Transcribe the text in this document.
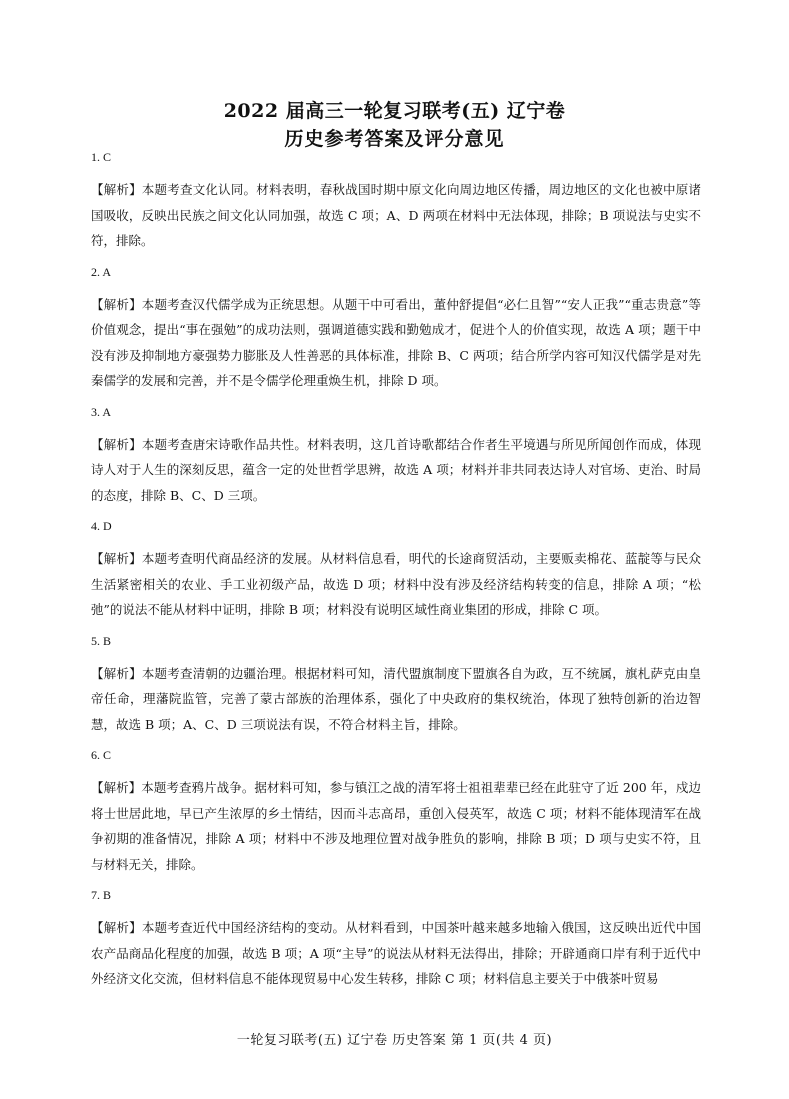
2022 届高三一轮复习联考(五) 辽宁卷
历史参考答案及评分意见
1. C
【解析】本题考查文化认同。材料表明，春秋战国时期中原文化向周边地区传播，周边地区的文化也被中原诸国吸收，反映出民族之间文化认同加强，故选 C 项；A、D 两项在材料中无法体现，排除；B 项说法与史实不符，排除。
2. A
【解析】本题考查汉代儒学成为正统思想。从题干中可看出，董仲舒提倡“必仁且智”“安人正我”“重志贵意”等价值观念，提出“事在强勉”的成功法则，强调道德实践和勤勉成才，促进个人的价值实现，故选 A 项；题干中没有涉及抑制地方豪强势力膨胀及人性善恶的具体标准，排除 B、C 两项；结合所学内容可知汉代儒学是对先秦儒学的发展和完善，并不是令儒学伦理重焕生机，排除 D 项。
3. A
【解析】本题考查唐宋诗歌作品共性。材料表明，这几首诗歌都结合作者生平境遇与所见所闻创作而成，体现诗人对于人生的深刻反思，蕴含一定的处世哲学思辨，故选 A 项；材料并非共同表达诗人对官场、吏治、时局的态度，排除 B、C、D 三项。
4. D
【解析】本题考查明代商品经济的发展。从材料信息看，明代的长途商贸活动，主要贩卖棉花、蓝靛等与民众生活紧密相关的农业、手工业初级产品，故选 D 项；材料中没有涉及经济结构转变的信息，排除 A 项；“松弛”的说法不能从材料中证明，排除 B 项；材料没有说明区域性商业集团的形成，排除 C 项。
5. B
【解析】本题考查清朝的边疆治理。根据材料可知，清代盟旗制度下盟旗各自为政，互不统属，旗札萨克由皇帝任命，理藩院监管，完善了蒙古部族的治理体系，强化了中央政府的集权统治，体现了独特创新的治边智慧，故选 B 项；A、C、D 三项说法有误，不符合材料主旨，排除。
6. C
【解析】本题考查鸦片战争。据材料可知，参与镇江之战的清军将士祖祖辈辈已经在此驻守了近 200 年，戍边将士世居此地，早已产生浓厚的乡土情结，因而斗志高昂，重创入侵英军，故选 C 项；材料不能体现清军在战争初期的准备情况，排除 A 项；材料中不涉及地理位置对战争胜负的影响，排除 B 项；D 项与史实不符，且与材料无关，排除。
7. B
【解析】本题考查近代中国经济结构的变动。从材料看到，中国茶叶越来越多地输入俄国，这反映出近代中国农产品商品化程度的加强，故选 B 项；A 项“主导”的说法从材料无法得出，排除；开辟通商口岸有利于近代中外经济文化交流，但材料信息不能体现贸易中心发生转移，排除 C 项；材料信息主要关于中俄茶叶贸易
一轮复习联考(五) 辽宁卷 历史答案 第 1 页(共 4 页)
